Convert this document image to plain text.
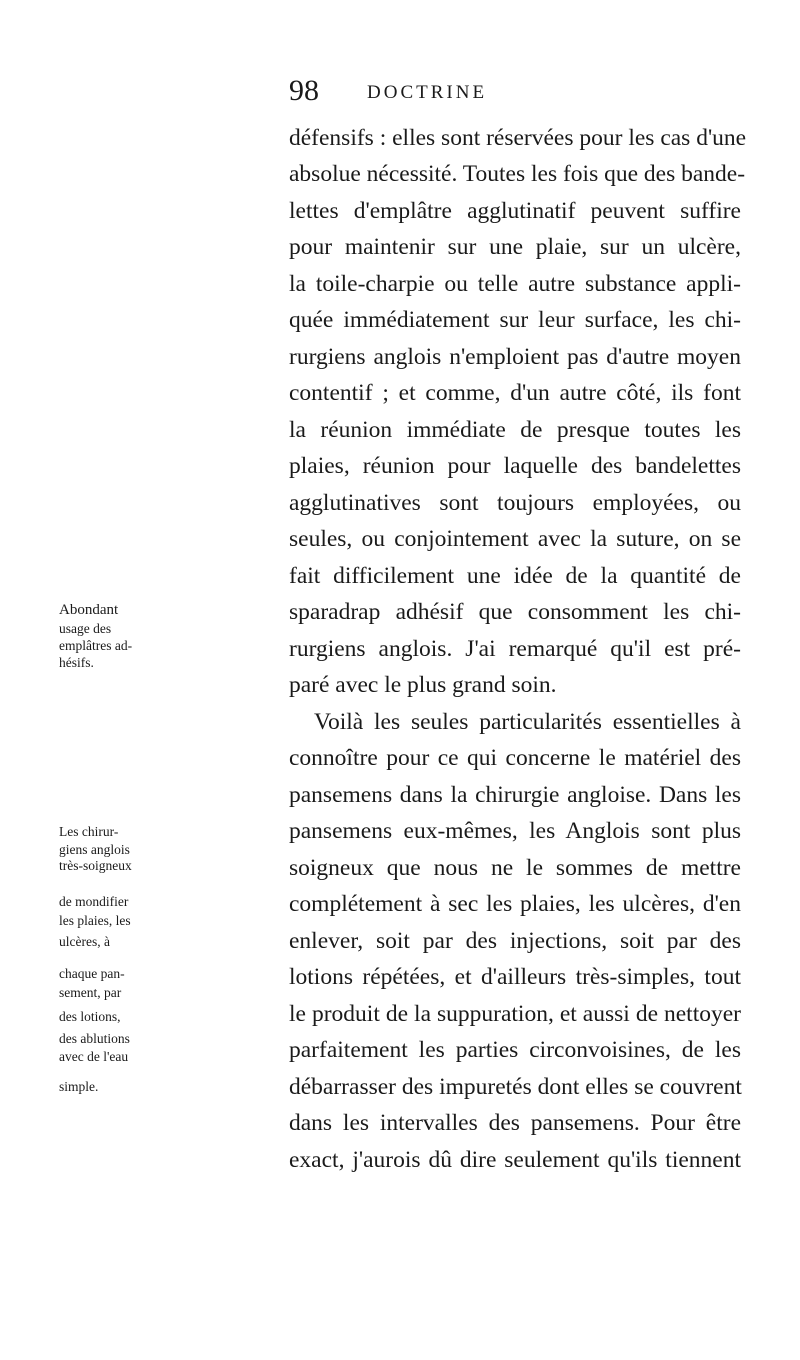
98	DOCTRINE
défensifs : elles sont réservées pour les cas d'une
absolue nécessité. Toutes les fois que des bande-
lettes d'emplâtre agglutinatif peuvent suffire
pour maintenir sur une plaie, sur un ulcère,
la toile-charpie ou telle autre substance appli-
quée immédiatement sur leur surface, les chi-
rurgiens anglois n'emploient pas d'autre moyen
contentif ; et comme, d'un autre côté, ils font
la réunion immédiate de presque toutes les
plaies, réunion pour laquelle des bandelettes
agglutinatives sont toujours employées, ou
seules, ou conjointement avec la suture, on se
fait difficilement une idée de la quantité de
sparadrap adhésif que consomment les chi-
rurgiens anglois. J'ai remarqué qu'il est pré-
paré avec le plus grand soin.
Voilà les seules particularités essentielles à
connoître pour ce qui concerne le matériel des
pansemens dans la chirurgie angloise. Dans les
pansemens eux-mêmes, les Anglois sont plus
soigneux que nous ne le sommes de mettre
complétement à sec les plaies, les ulcères, d'en
enlever, soit par des injections, soit par des
lotions répétées, et d'ailleurs très-simples, tout
le produit de la suppuration, et aussi de nettoyer
parfaitement les parties circonvoisines, de les
débarrasser des impuretés dont elles se couvrent
dans les intervalles des pansemens. Pour être
exact, j'aurois dû dire seulement qu'ils tiennent
Abondant
usage des
emplâtres ad-
hésifs.
Les chirur-
giens anglois
très-soigneux
de mondifier
les plaies, les
ulcères, à
chaque pan-
sement, par
des lotions,
des ablutions
avec de l'eau
simple.
